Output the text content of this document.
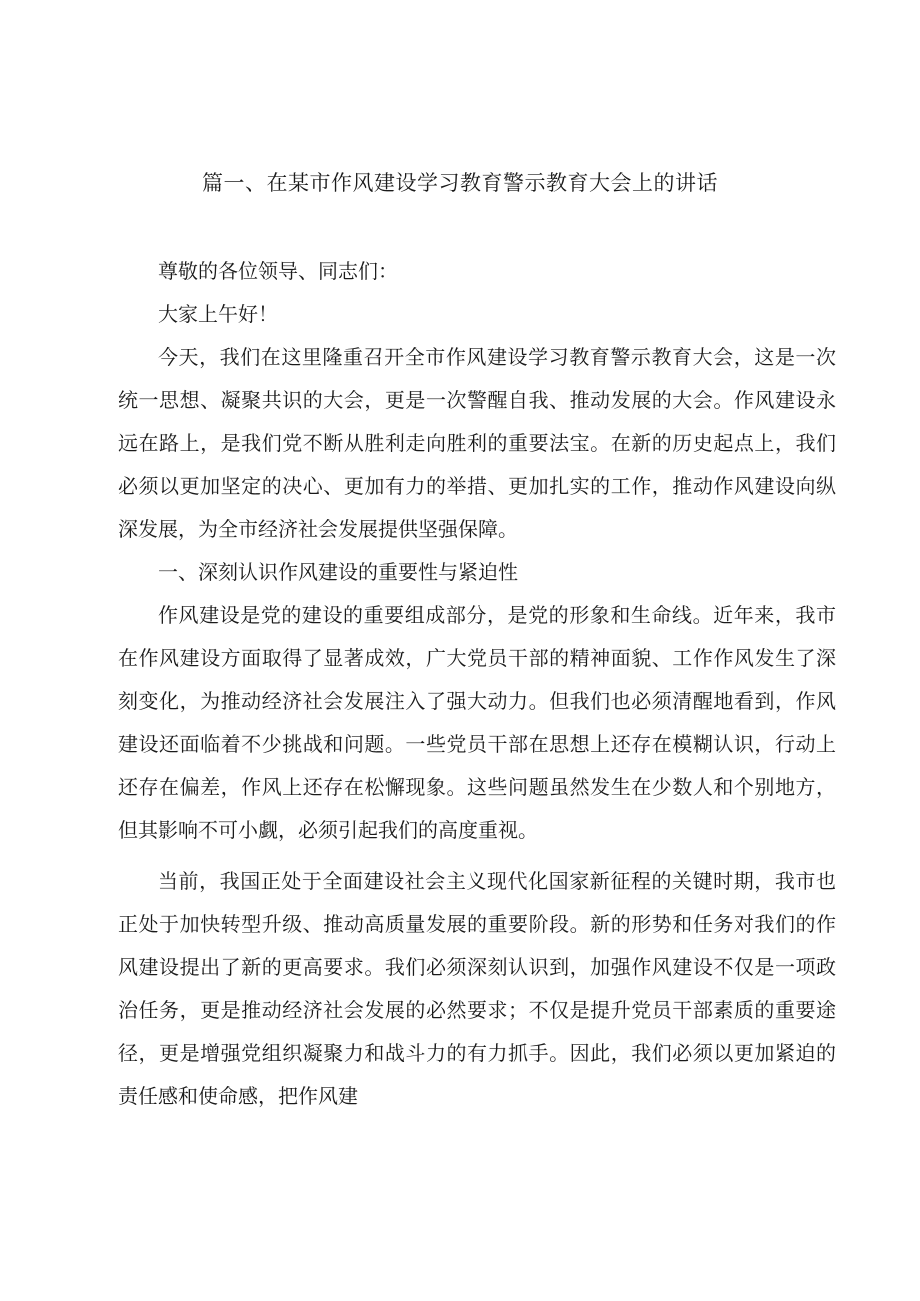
篇一、在某市作风建设学习教育警示教育大会上的讲话

尊敬的各位领导、同志们：

大家上午好！

今天，我们在这里隆重召开全市作风建设学习教育警示教育大会，这是一次统一思想、凝聚共识的大会，更是一次警醒自我、推动发展的大会。作风建设永远在路上，是我们党不断从胜利走向胜利的重要法宝。在新的历史起点上，我们必须以更加坚定的决心、更加有力的举措、更加扎实的工作，推动作风建设向纵深发展，为全市经济社会发展提供坚强保障。

一、深刻认识作风建设的重要性与紧迫性

作风建设是党的建设的重要组成部分，是党的形象和生命线。近年来，我市在作风建设方面取得了显著成效，广大党员干部的精神面貌、工作作风发生了深刻变化，为推动经济社会发展注入了强大动力。但我们也必须清醒地看到，作风建设还面临着不少挑战和问题。一些党员干部在思想上还存在模糊认识，行动上还存在偏差，作风上还存在松懈现象。这些问题虽然发生在少数人和个别地方，但其影响不可小觑，必须引起我们的高度重视。

当前，我国正处于全面建设社会主义现代化国家新征程的关键时期，我市也正处于加快转型升级、推动高质量发展的重要阶段。新的形势和任务对我们的作风建设提出了新的更高要求。我们必须深刻认识到，加强作风建设不仅是一项政治任务，更是推动经济社会发展的必然要求；不仅是提升党员干部素质的重要途径，更是增强党组织凝聚力和战斗力的有力抓手。因此，我们必须以更加紧迫的责任感和使命感，把作风建
